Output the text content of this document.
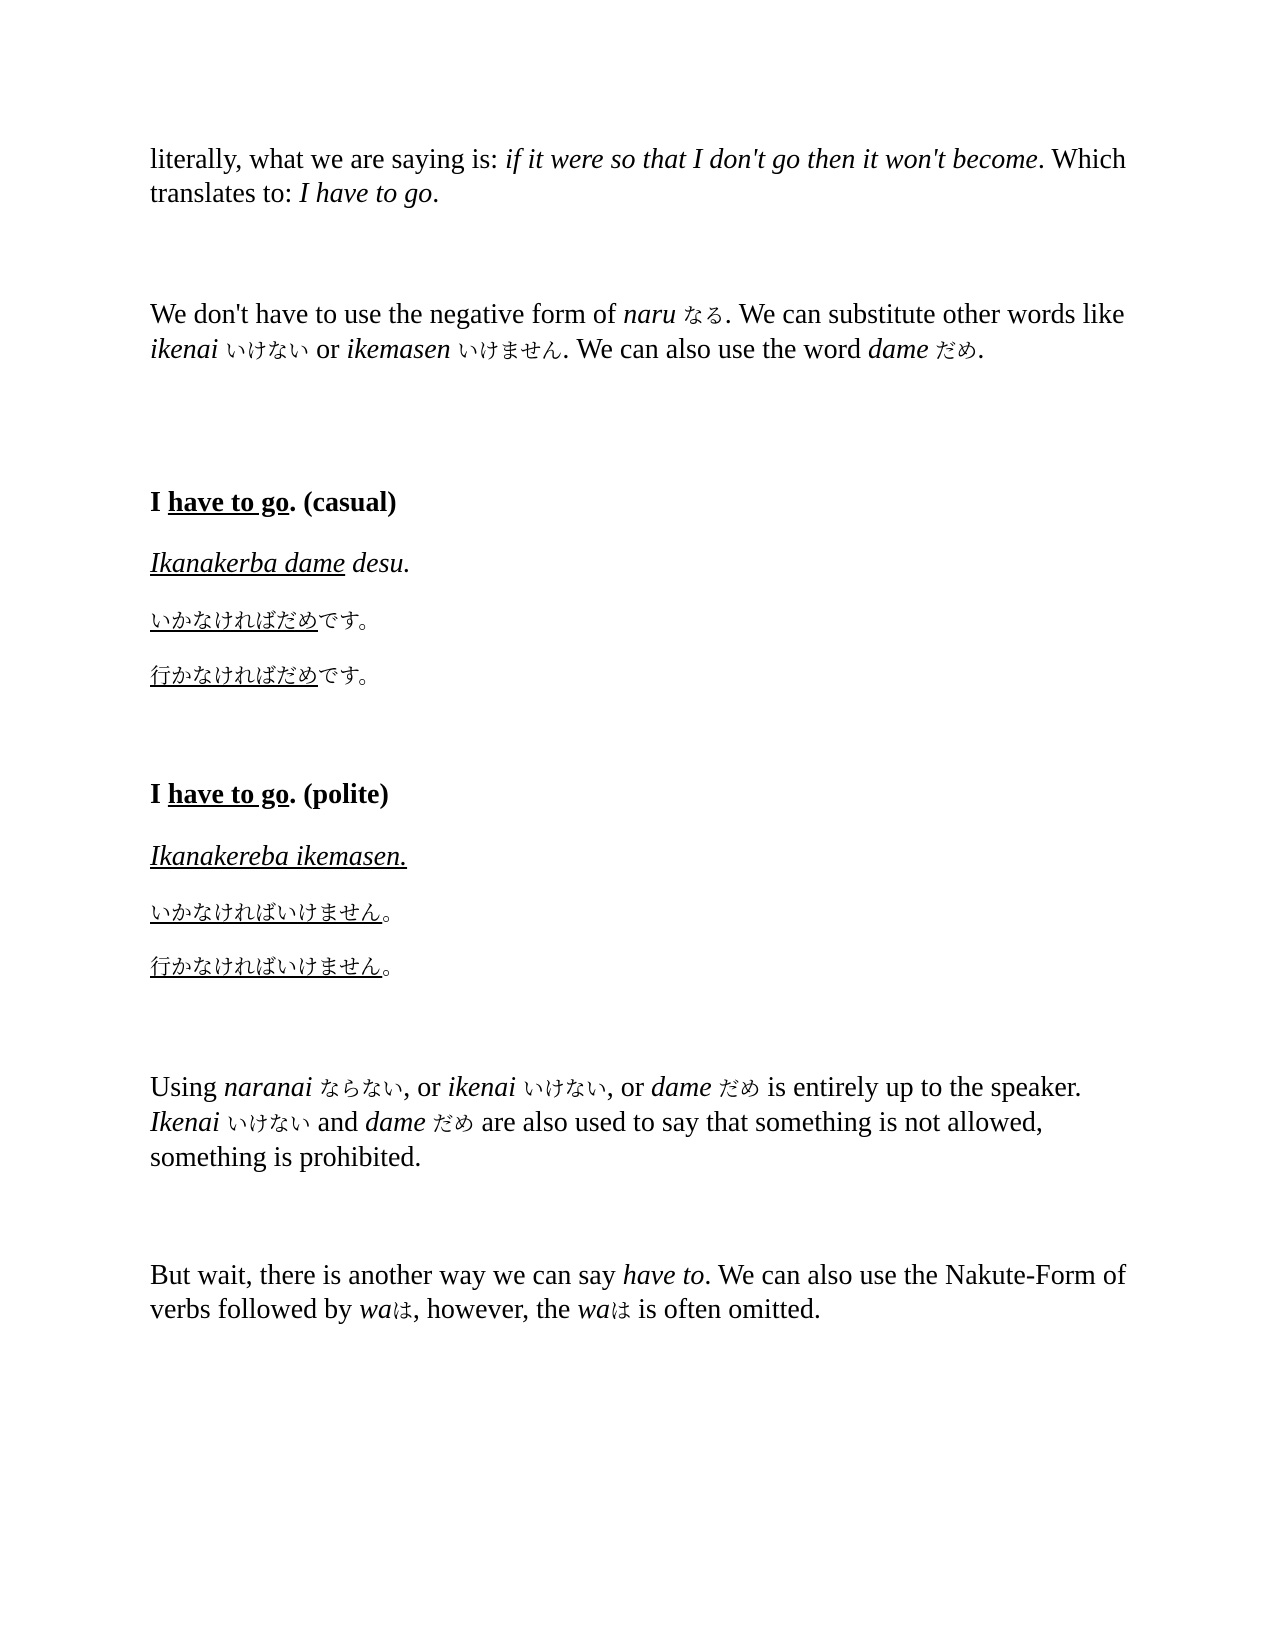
literally, what we are saying is: if it were so that I don't go then it won't become. Which translates to: I have to go.

We don't have to use the negative form of naru なる. We can substitute other words like ikenai いけない or ikemasen いけません. We can also use the word dame だめ.

I have to go. (casual)

Ikanakerba dame desu.

いかなければだめです。

行かなければだめです。

I have to go. (polite)

Ikanakereba ikemasen.

いかなければいけません。

行かなければいけません。

Using naranai ならない, or ikenai いけない, or dame だめ is entirely up to the speaker. Ikenai いけない and dame だめ are also used to say that something is not allowed, something is prohibited.

But wait, there is another way we can say have to. We can also use the Nakute-Form of verbs followed by waは, however, the waは is often omitted.
